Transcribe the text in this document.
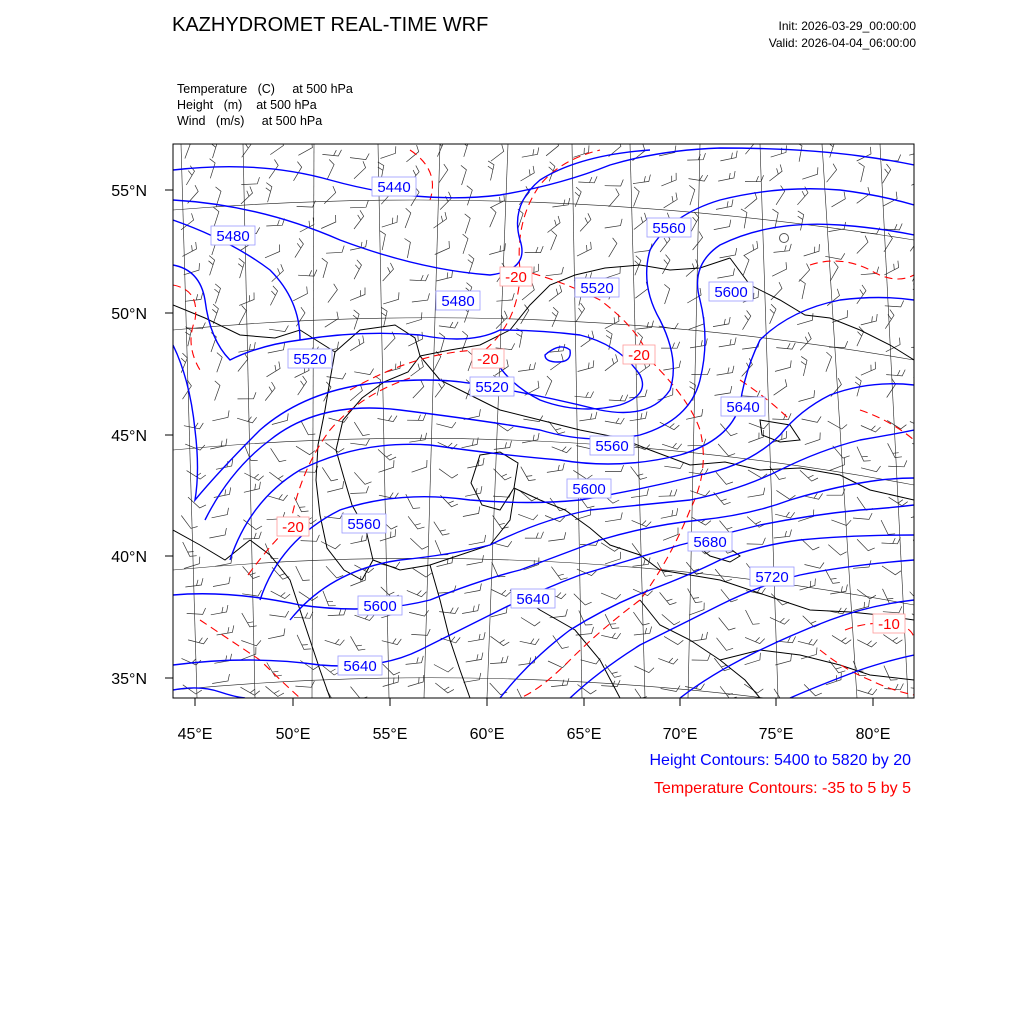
KAZHYDROMET REAL-TIME WRF	Init: 2026-03-29_00:00:00
Valid: 2026-04-04_06:00:00
Temperature (C) at 500 hPa
Height (m) at 500 hPa
Wind (m/s) at 500 hPa
55°N
50°N
45°N
40°N
35°N
45°E	50°E	55°E	60°E	65°E	70°E	75°E	80°E
5440
5480
5480
5520
5520
5520
5560
5560
5560
5600
5600
5600
5640
5640
5640
5680
5720
-20
-20	-20
-20
-10
Height Contours: 5400 to 5820 by 20
Temperature Contours: -35 to 5 by 5
